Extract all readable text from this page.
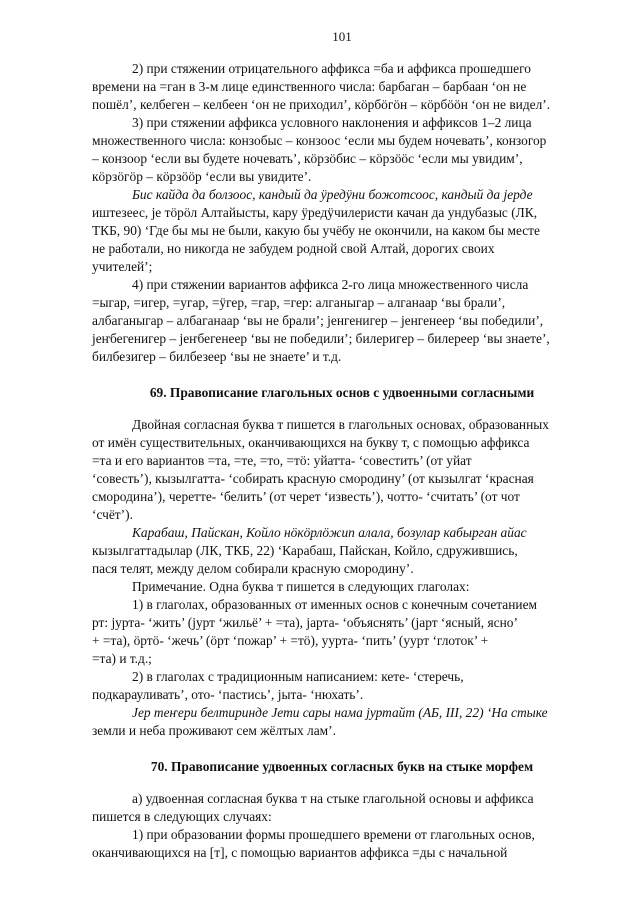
101

2) при стяжении отрицательного аффикса =ба и аффикса прошедшего

времени на =ган в 3-м лице единственного числа: барбаган – барбаан ‘он не

пошёл’, келбеген – келбеен ‘он не приходил’, кӧрбӧгӧн – кӧрбӧӧн ‘он не видел’.

3) при стяжении аффикса условного наклонения и аффиксов 1–2 лица

множественного числа: конзобыс – конзоос ‘если мы будем ночевать’, конзогор

– конзоор ‘если вы будете ночевать’, кӧрзӧбис – кӧрзӧӧс ‘если мы увидим’,

кӧрзӧгӧр – кӧрзӧӧр ‘если вы увидите’.

Бис кайда да болзоос, кандый да ӱредӱни божотсоос, кандый да јерде

иштезеес, је тӧрӧл Алтайысты, кару ӱредӱчилеристи качан да ундубазыс (ЛК,

ТКБ, 90) ‘Где бы мы не были, какую бы учёбу не окончили, на каком бы месте

не работали, но никогда не забудем родной свой Алтай, дорогих своих

учителей’;

4) при стяжении вариантов аффикса 2-го лица множественного числа

=ыгар, =игер, =угар, =ӱгер, =гар, =гер: алганыгар – алганаар ‘вы брали’,

албаганыгар – албаганаар ‘вы не брали’; јенгенигер – јенгенеер ‘вы победили’,

јеҥбегенигер – јеҥбегенеер ‘вы не победили’; билеригер – билереер ‘вы знаете’,

билбезигер – билбезеер ‘вы не знаете’ и т.д.

69. Правописание глагольных основ с удвоенными согласными

Двойная согласная буква т пишется в глагольных основах, образованных

от имён существительных, оканчивающихся на букву т, с помощью аффикса

=та и его вариантов =та, =те, =то, =тӧ: уйатта- ‘совестить’ (от уйат

‘совесть’), кызылгатта- ‘собирать красную смородину’ (от кызылгат ‘красная

смородина’), черетте- ‘белить’ (от черет ‘известь’), чотто- ‘считать’ (от чот

‘счёт’).

Карабаш, Пайскан, Койло нӧкӧрлӧжип алала, бозулар кабырган айас

кызылгаттадылар (ЛК, ТКБ, 22) ‘Карабаш, Пайскан, Койло, сдружившись,

пася телят, между делом собирали красную смородину’.

Примечание. Одна буква т пишется в следующих глаголах:

1) в глаголах, образованных от именных основ с конечным сочетанием

рт: јурта- ‘жить’ (јурт ‘жильё’ + =та), јарта- ‘объяснять’ (јарт ‘ясный, ясно’

+ =та), ӧртӧ- ‘жечь’ (ӧрт ‘пожар’ + =тӧ), уурта- ‘пить’ (уурт ‘глоток’ +

=та) и т.д.;

2) в глаголах с традиционным написанием: кете- ‘стеречь,

подкарауливать’, ото- ‘пастись’, јыта- ‘нюхать’.

Јер теҥери белтиринде Јети сары нама јуртайт (АБ, III, 22) ‘На стыке

земли и неба проживают сем жёлтых лам’.

70. Правописание удвоенных согласных букв на стыке морфем

а) удвоенная согласная буква т на стыке глагольной основы и аффикса

пишется в следующих случаях:

1) при образовании формы прошедшего времени от глагольных основ,

оканчивающихся на [т], с помощью вариантов аффикса =ды с начальной
